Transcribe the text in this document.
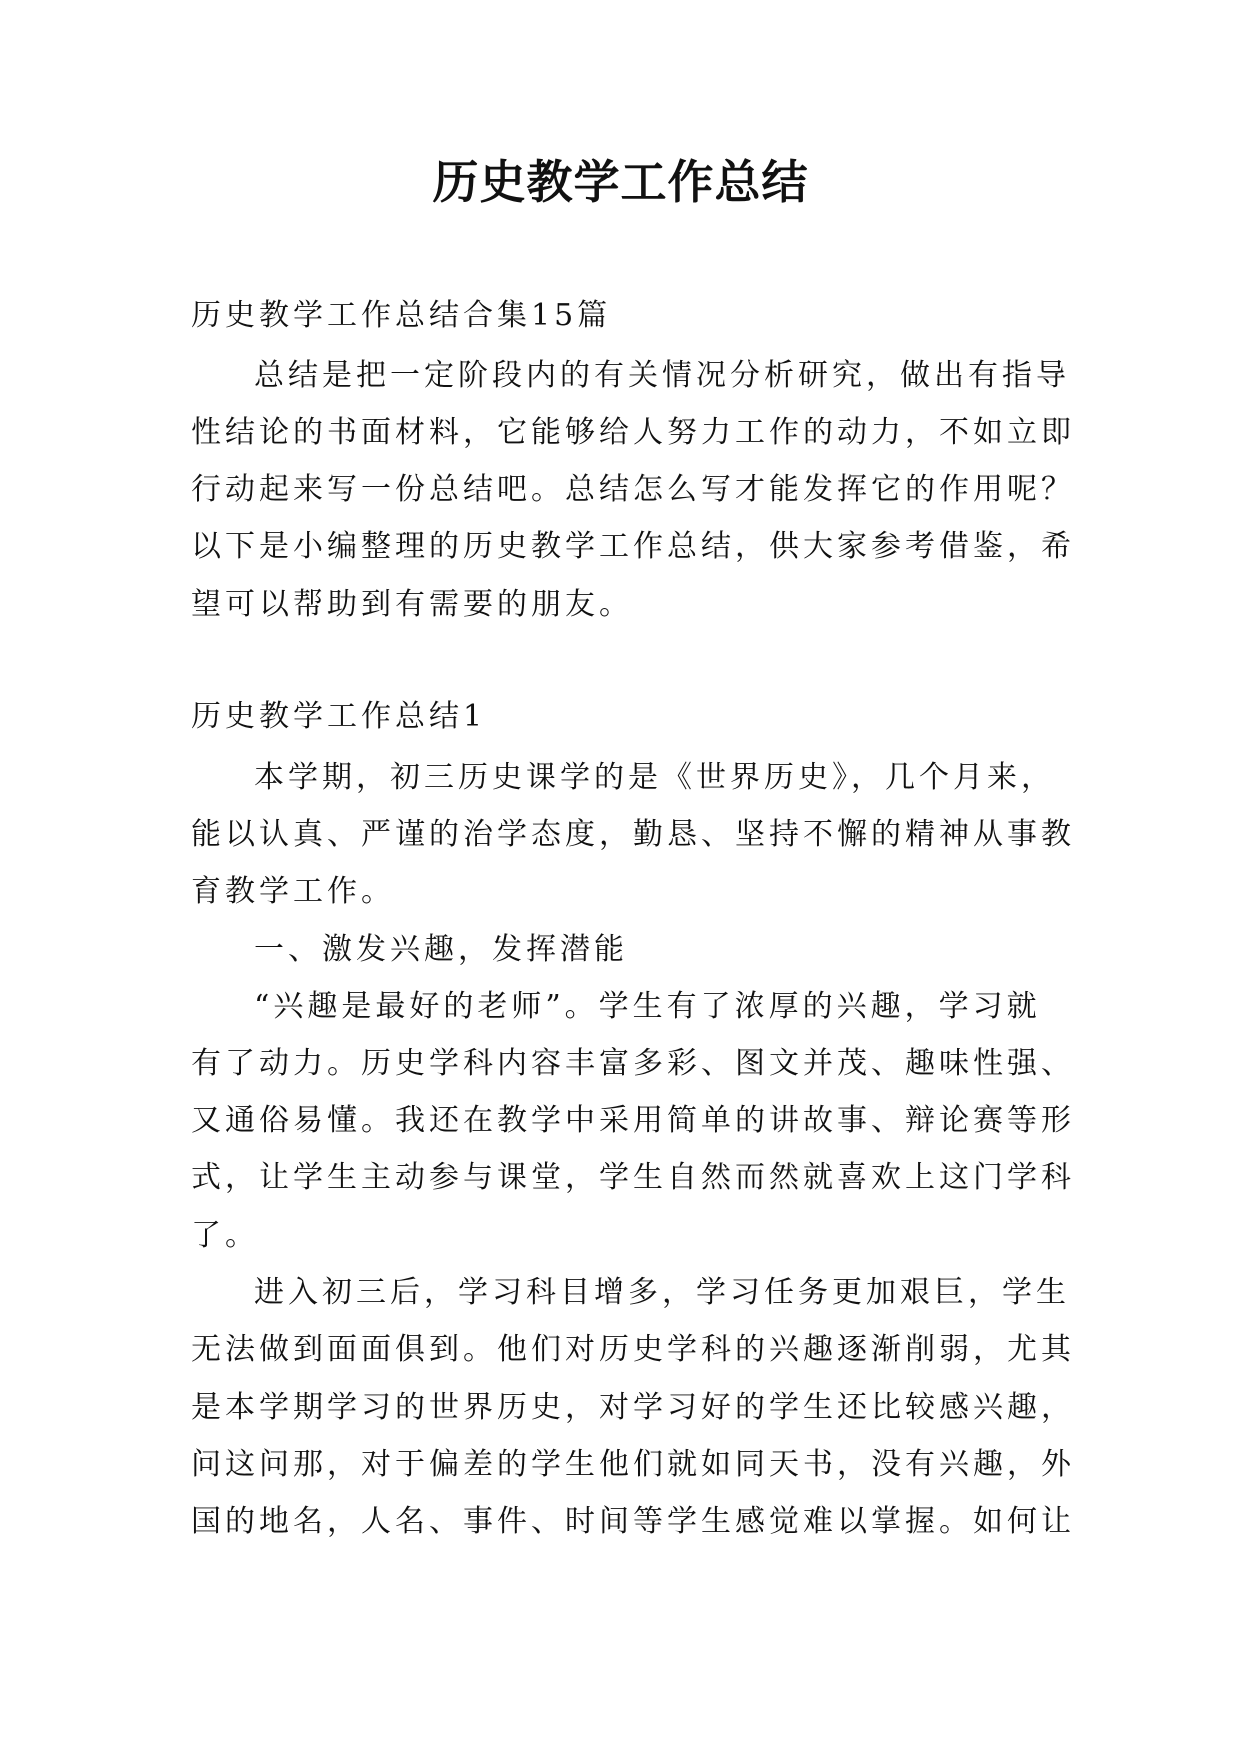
历史教学工作总结

历史教学工作总结合集15篇

总结是把一定阶段内的有关情况分析研究，做出有指导

性结论的书面材料，它能够给人努力工作的动力，不如立即

行动起来写一份总结吧。总结怎么写才能发挥它的作用呢？

以下是小编整理的历史教学工作总结，供大家参考借鉴，希

望可以帮助到有需要的朋友。

历史教学工作总结1

本学期，初三历史课学的是《世界历史》，几个月来，

能以认真、严谨的治学态度，勤恳、坚持不懈的精神从事教

育教学工作。

一、激发兴趣，发挥潜能

“兴趣是最好的老师”。学生有了浓厚的兴趣，学习就

有了动力。历史学科内容丰富多彩、图文并茂、趣味性强、

又通俗易懂。我还在教学中采用简单的讲故事、辩论赛等形

式，让学生主动参与课堂，学生自然而然就喜欢上这门学科

了。

进入初三后，学习科目增多，学习任务更加艰巨，学生

无法做到面面俱到。他们对历史学科的兴趣逐渐削弱，尤其

是本学期学习的世界历史，对学习好的学生还比较感兴趣，

问这问那，对于偏差的学生他们就如同天书，没有兴趣，外

国的地名，人名、事件、时间等学生感觉难以掌握。如何让
